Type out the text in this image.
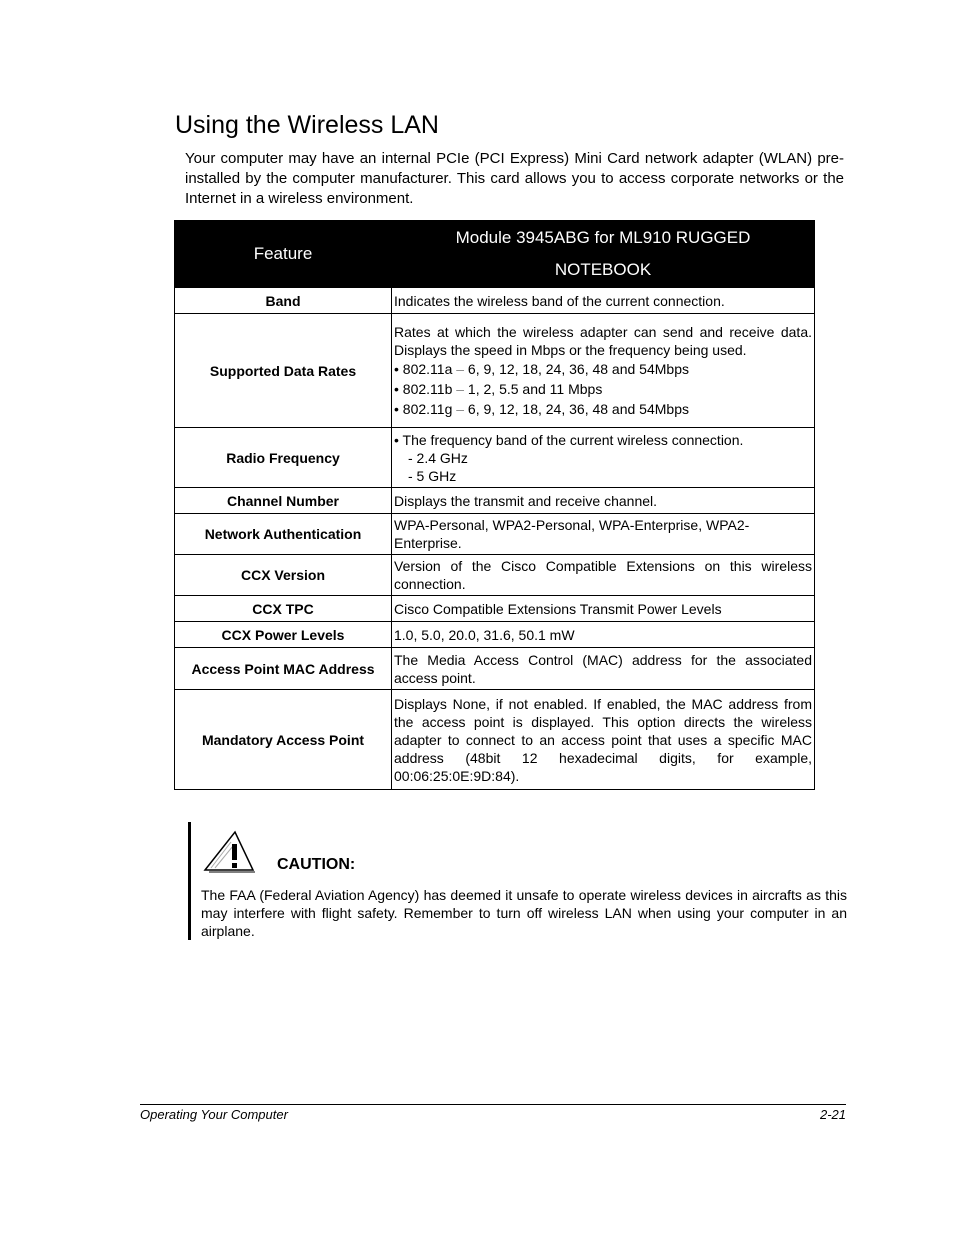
Using the Wireless LAN

Your computer may have an internal PCIe (PCI Express) Mini Card network adapter (WLAN) pre-installed by the computer manufacturer. This card allows you to access corporate networks or the Internet in a wireless environment.

Feature	Module 3945ABG for ML910 RUGGED
NOTEBOOK
Band	Indicates the wireless band of the current connection.
Supported Data Rates	Rates at which the wireless adapter can send and receive data. Displays the speed in Mbps or the frequency being used.
• 802.11a – 6, 9, 12, 18, 24, 36, 48 and 54Mbps
• 802.11b – 1, 2, 5.5 and 11 Mbps
• 802.11g – 6, 9, 12, 18, 24, 36, 48 and 54Mbps

Radio Frequency	• The frequency band of the current wireless connection.
- 2.4 GHz
- 5 GHz

Channel Number	Displays the transmit and receive channel.
Network Authentication	WPA-Personal, WPA2-Personal, WPA-Enterprise, WPA2-Enterprise.
CCX Version	Version of the Cisco Compatible Extensions on this wireless connection.
CCX TPC	Cisco Compatible Extensions Transmit Power Levels
CCX Power Levels	1.0, 5.0, 20.0, 31.6, 50.1 mW
Access Point MAC Address	The Media Access Control (MAC) address for the associated access point.
Mandatory Access Point	Displays None, if not enabled. If enabled, the MAC address from the access point is displayed. This option directs the wireless adapter to connect to an access point that uses a specific MAC address (48bit 12 hexadecimal digits, for example, 00:06:25:0E:9D:84).
CAUTION:

The FAA (Federal Aviation Agency) has deemed it unsafe to operate wireless devices in aircrafts as this may interfere with flight safety. Remember to turn off wireless LAN when using your computer in an airplane.

Operating Your Computer	2-21
